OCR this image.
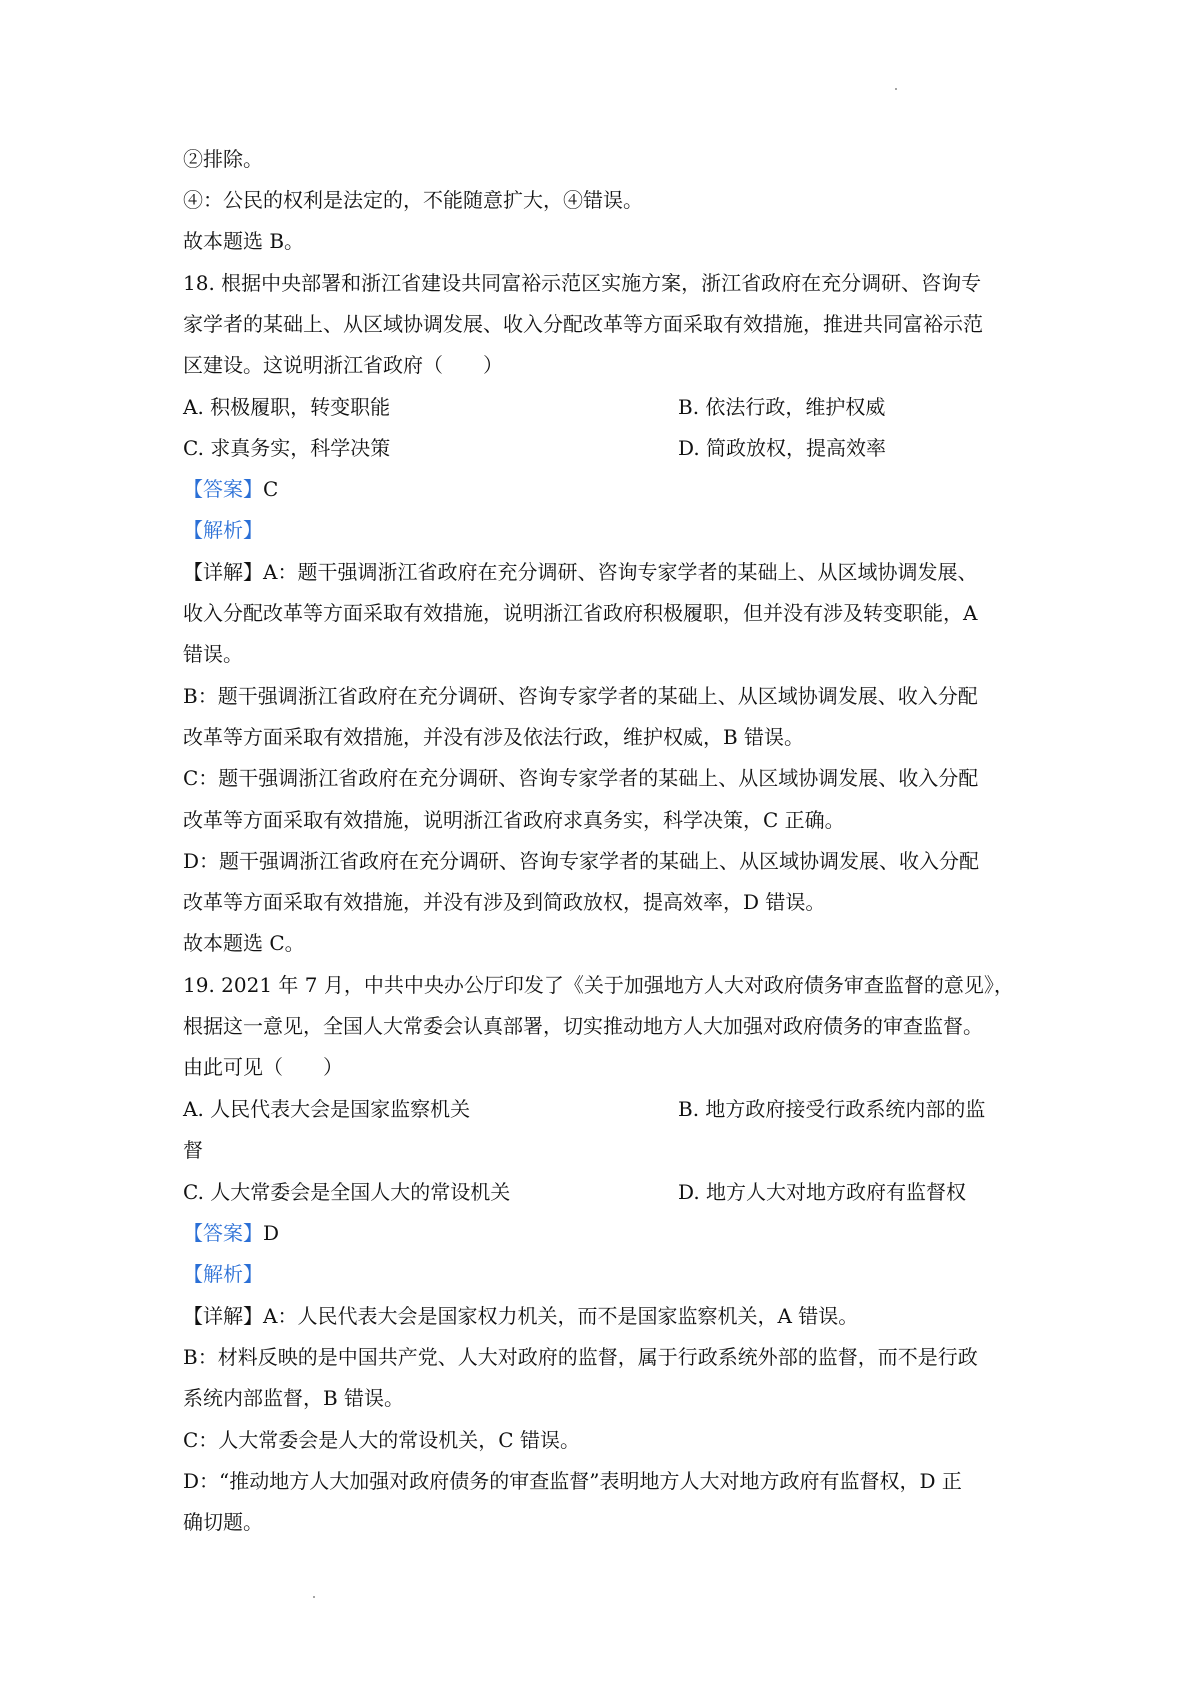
②排除。
④：公民的权利是法定的，不能随意扩大，④错误。
故本题选 B。
18. 根据中央部署和浙江省建设共同富裕示范区实施方案，浙江省政府在充分调研、咨询专
家学者的某础上、从区域协调发展、收入分配改革等方面采取有效措施，推进共同富裕示范
区建设。这说明浙江省政府（　　）
A. 积极履职，转变职能	B. 依法行政，维护权威
C. 求真务实，科学决策	D. 简政放权，提高效率
【答案】C
【解析】
【详解】A：题干强调浙江省政府在充分调研、咨询专家学者的某础上、从区域协调发展、
收入分配改革等方面采取有效措施，说明浙江省政府积极履职，但并没有涉及转变职能，A
错误。
B：题干强调浙江省政府在充分调研、咨询专家学者的某础上、从区域协调发展、收入分配
改革等方面采取有效措施，并没有涉及依法行政，维护权威，B 错误。
C：题干强调浙江省政府在充分调研、咨询专家学者的某础上、从区域协调发展、收入分配
改革等方面采取有效措施，说明浙江省政府求真务实，科学决策，C 正确。
D：题干强调浙江省政府在充分调研、咨询专家学者的某础上、从区域协调发展、收入分配
改革等方面采取有效措施，并没有涉及到简政放权，提高效率，D 错误。
故本题选 C。
19. 2021 年 7 月，中共中央办公厅印发了《关于加强地方人大对政府债务审查监督的意见》，
根据这一意见，全国人大常委会认真部署，切实推动地方人大加强对政府债务的审查监督。
由此可见（　　）
A. 人民代表大会是国家监察机关	B. 地方政府接受行政系统内部的监
督
C. 人大常委会是全国人大的常设机关	D. 地方人大对地方政府有监督权
【答案】D
【解析】
【详解】A：人民代表大会是国家权力机关，而不是国家监察机关，A 错误。
B：材料反映的是中国共产党、人大对政府的监督，属于行政系统外部的监督，而不是行政
系统内部监督，B 错误。
C：人大常委会是人大的常设机关，C 错误。
D：“推动地方人大加强对政府债务的审查监督”表明地方人大对地方政府有监督权，D 正
确切题。
